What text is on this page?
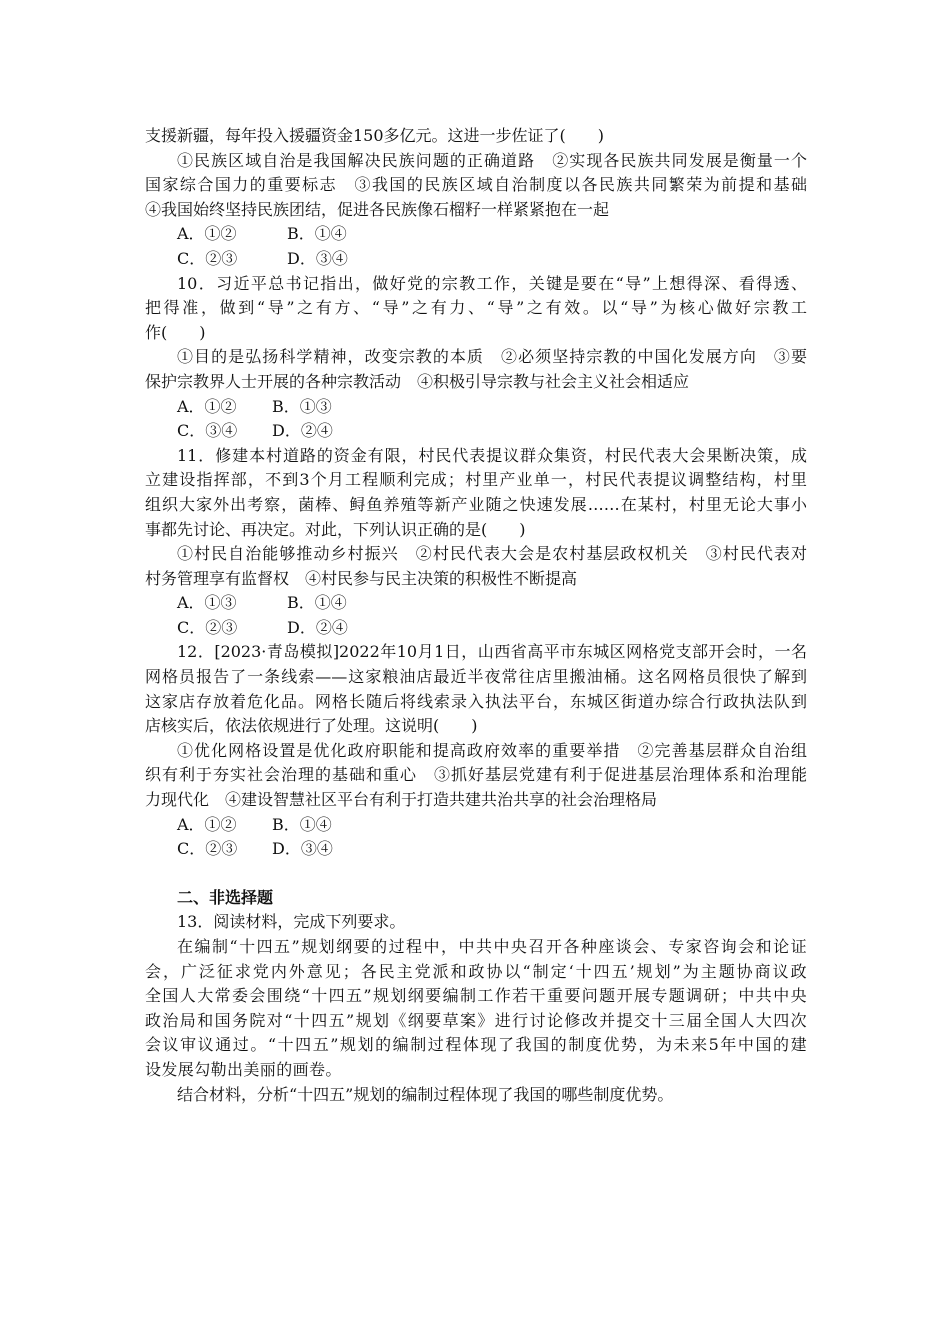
支援新疆，每年投入援疆资金150多亿元。这进一步佐证了(　　)
①民族区域自治是我国解决民族问题的正确道路　②实现各民族共同发展是衡量一个
国家综合国力的重要标志　③我国的民族区域自治制度以各民族共同繁荣为前提和基础
④我国始终坚持民族团结，促进各民族像石榴籽一样紧紧抱在一起
A．①②	B．①④
C．②③	D．③④
10．习近平总书记指出，做好党的宗教工作，关键是要在“导”上想得深、看得透、
把得准，做到“导”之有方、“导”之有力、“导”之有效。以“导”为核心做好宗教工
作(　　)
①目的是弘扬科学精神，改变宗教的本质　②必须坚持宗教的中国化发展方向　③要
保护宗教界人士开展的各种宗教活动　④积极引导宗教与社会主义社会相适应
A．①② B．①③
C．③④ D．②④
11．修建本村道路的资金有限，村民代表提议群众集资，村民代表大会果断决策，成
立建设指挥部，不到3个月工程顺利完成；村里产业单一，村民代表提议调整结构，村里
组织大家外出考察，菌棒、鲟鱼养殖等新产业随之快速发展……在某村，村里无论大事小
事都先讨论、再决定。对此，下列认识正确的是(　　)
①村民自治能够推动乡村振兴　②村民代表大会是农村基层政权机关　③村民代表对
村务管理享有监督权　④村民参与民主决策的积极性不断提高
A．①③	B．①④
C．②③	D．②④
12．[2023·青岛模拟]2022年10月1日，山西省高平市东城区网格党支部开会时，一名
网格员报告了一条线索——这家粮油店最近半夜常往店里搬油桶。这名网格员很快了解到
这家店存放着危化品。网格长随后将线索录入执法平台，东城区街道办综合行政执法队到
店核实后，依法依规进行了处理。这说明(　　)
①优化网格设置是优化政府职能和提高政府效率的重要举措　②完善基层群众自治组
织有利于夯实社会治理的基础和重心　③抓好基层党建有利于促进基层治理体系和治理能
力现代化　④建设智慧社区平台有利于打造共建共治共享的社会治理格局
A．①② B．①④
C．②③ D．③④
二、非选择题
13．阅读材料，完成下列要求。
在编制“十四五”规划纲要的过程中，中共中央召开各种座谈会、专家咨询会和论证
会，广泛征求党内外意见；各民主党派和政协以“制定‘十四五’规划”为主题协商议政
全国人大常委会围绕“十四五”规划纲要编制工作若干重要问题开展专题调研；中共中央
政治局和国务院对“十四五”规划《纲要草案》进行讨论修改并提交十三届全国人大四次
会议审议通过。“十四五”规划的编制过程体现了我国的制度优势，为未来5年中国的建
设发展勾勒出美丽的画卷。
结合材料，分析“十四五”规划的编制过程体现了我国的哪些制度优势。
